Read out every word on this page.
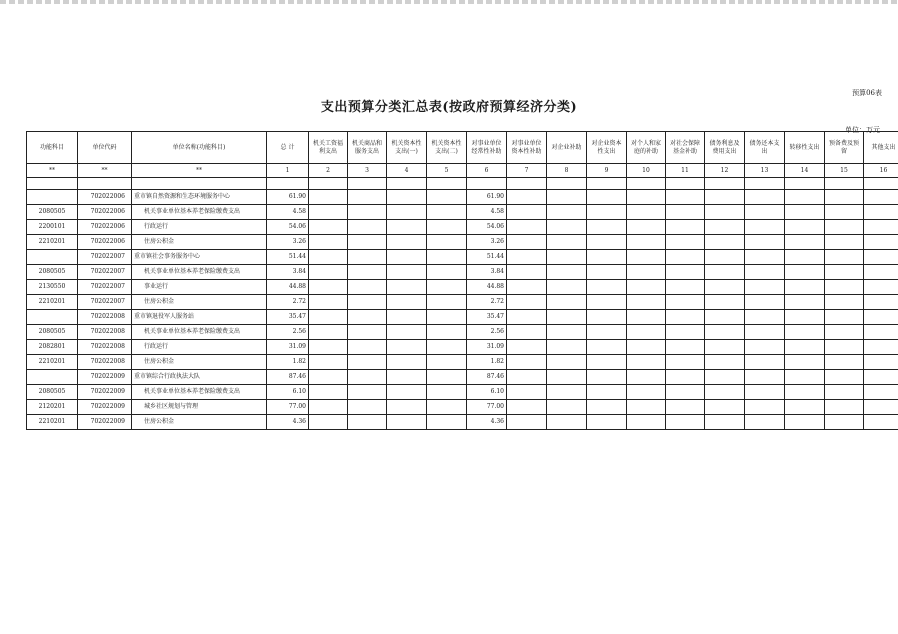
预算06表
支出预算分类汇总表(按政府预算经济分类)
单位：万元
功能科目	单位代码	单位名称(功能科目)	总 计	机关工资福利支出	机关商品和服务支出	机关资本性支出(一)	机关资本性支出(二)	对事业单位经常性补助	对事业单位资本性补助	对企业补助	对企业资本性支出	对个人和家庭的补助	对社会保障基金补助	债务利息及费用支出	债务还本支出	转移性支出	预备费及预留	其他支出
**	**	**	1	2	3	4	5	6	7	8	9	10	11	12	13	14	15	16

	702022006	重市镇自然资源和生态环境服务中心	61.90					61.90										
2080505	702022006	机关事业单位基本养老保险缴费支出	4.58					4.58										
2200101	702022006	行政运行	54.06					54.06										
2210201	702022006	住房公积金	3.26					3.26										
	702022007	重市镇社会事务服务中心	51.44					51.44										
2080505	702022007	机关事业单位基本养老保险缴费支出	3.84					3.84										
2130550	702022007	事业运行	44.88					44.88										
2210201	702022007	住房公积金	2.72					2.72										
	702022008	重市镇退役军人服务站	35.47					35.47										
2080505	702022008	机关事业单位基本养老保险缴费支出	2.56					2.56										
2082801	702022008	行政运行	31.09					31.09										
2210201	702022008	住房公积金	1.82					1.82										
	702022009	重市镇综合行政执法大队	87.46					87.46										
2080505	702022009	机关事业单位基本养老保险缴费支出	6.10					6.10										
2120201	702022009	城乡社区规划与管理	77.00					77.00										
2210201	702022009	住房公积金	4.36					4.36										
